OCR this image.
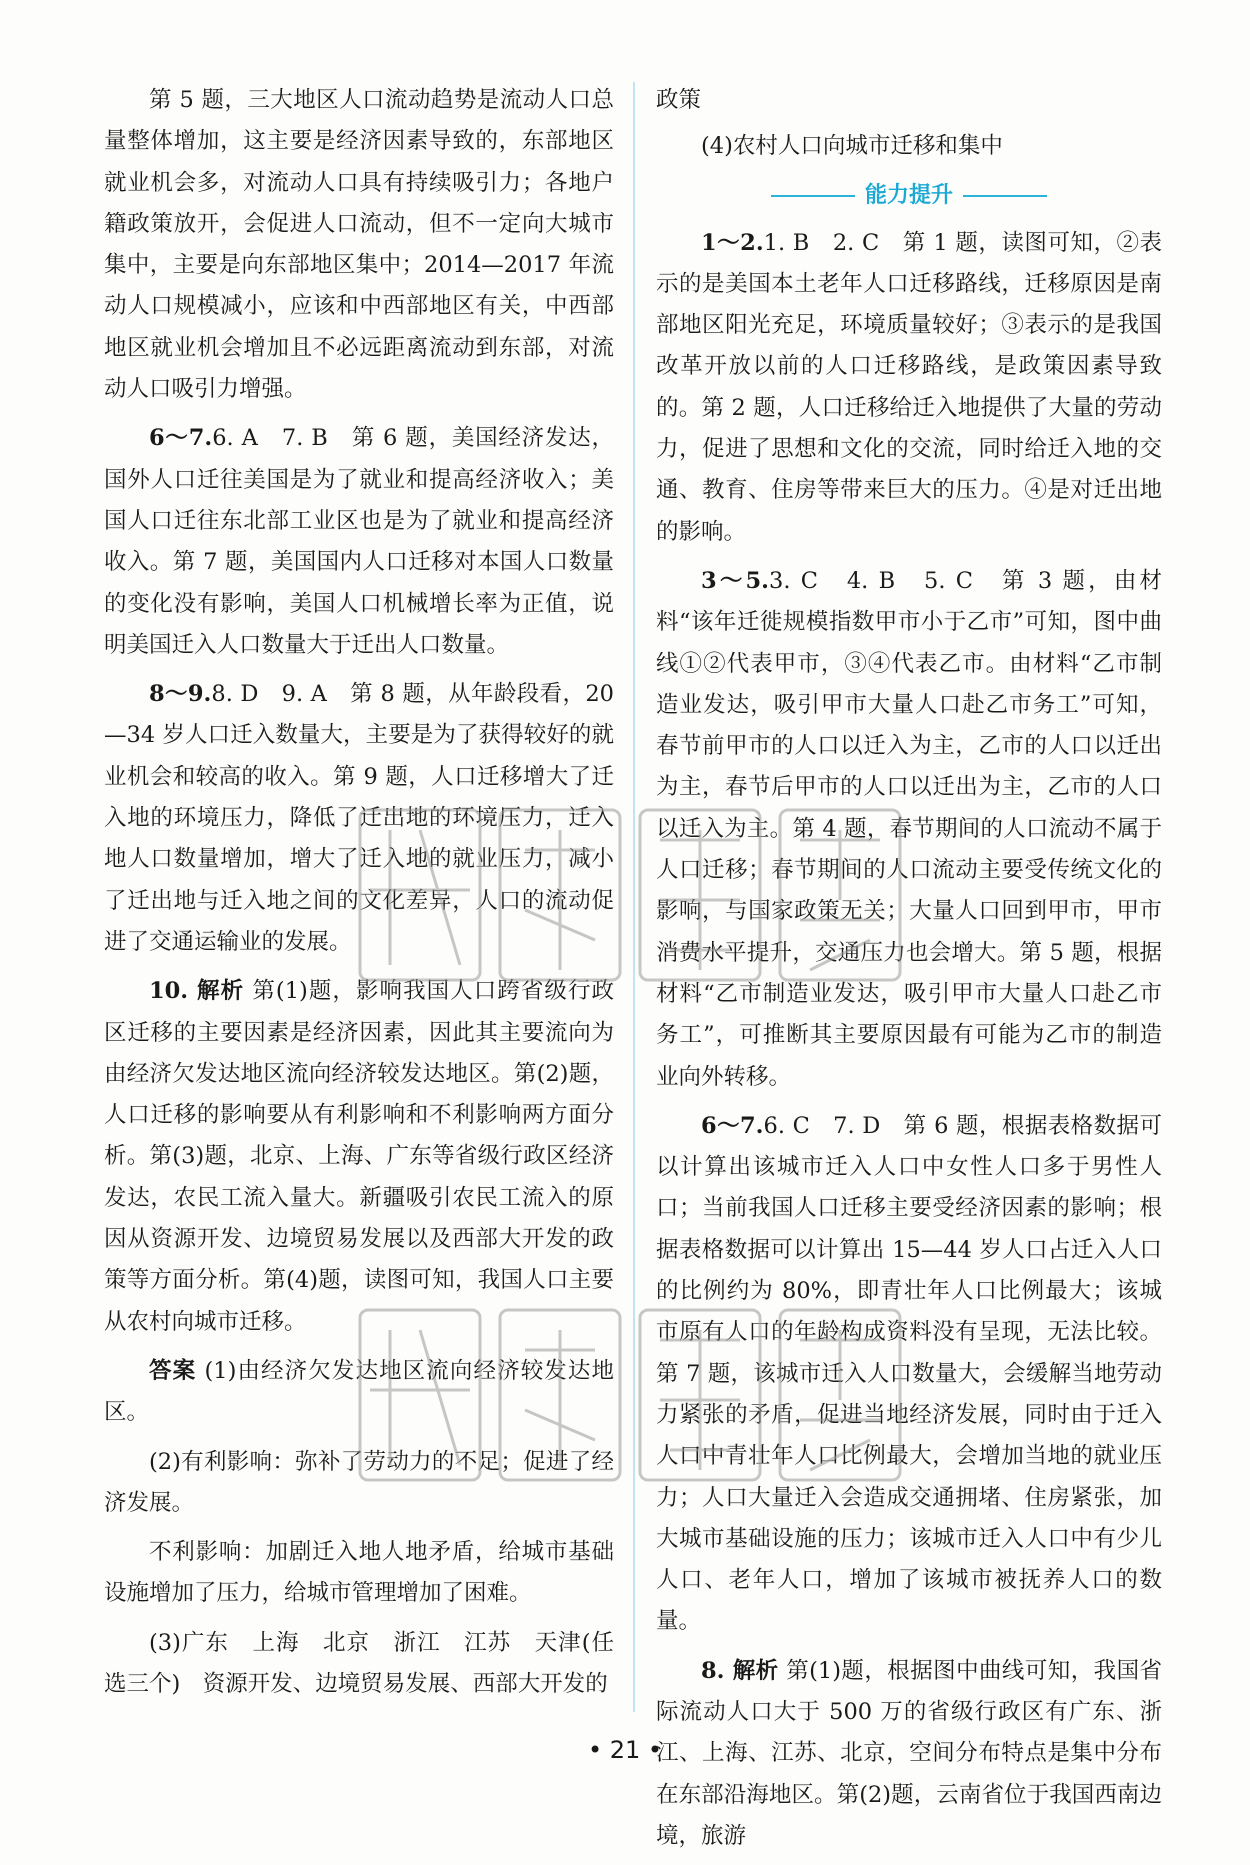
第 5 题，三大地区人口流动趋势是流动人口总量整体增加，这主要是经济因素导致的，东部地区就业机会多，对流动人口具有持续吸引力；各地户籍政策放开，会促进人口流动，但不一定向大城市集中，主要是向东部地区集中；2014—2017 年流动人口规模减小，应该和中西部地区有关，中西部地区就业机会增加且不必远距离流动到东部，对流动人口吸引力增强。

6～7.6. A　7. B　第 6 题，美国经济发达，国外人口迁往美国是为了就业和提高经济收入；美国人口迁往东北部工业区也是为了就业和提高经济收入。第 7 题，美国国内人口迁移对本国人口数量的变化没有影响，美国人口机械增长率为正值，说明美国迁入人口数量大于迁出人口数量。

8～9.8. D　9. A　第 8 题，从年龄段看，20—34 岁人口迁入数量大，主要是为了获得较好的就业机会和较高的收入。第 9 题，人口迁移增大了迁入地的环境压力，降低了迁出地的环境压力，迁入地人口数量增加，增大了迁入地的就业压力，减小了迁出地与迁入地之间的文化差异，人口的流动促进了交通运输业的发展。

10. 解析 第(1)题，影响我国人口跨省级行政区迁移的主要因素是经济因素，因此其主要流向为由经济欠发达地区流向经济较发达地区。第(2)题，人口迁移的影响要从有利影响和不利影响两方面分析。第(3)题，北京、上海、广东等省级行政区经济发达，农民工流入量大。新疆吸引农民工流入的原因从资源开发、边境贸易发展以及西部大开发的政策等方面分析。第(4)题，读图可知，我国人口主要从农村向城市迁移。

答案 (1)由经济欠发达地区流向经济较发达地区。

(2)有利影响：弥补了劳动力的不足；促进了经济发展。

不利影响：加剧迁入地人地矛盾，给城市基础设施增加了压力，给城市管理增加了困难。

(3)广东　上海　北京　浙江　江苏　天津(任选三个)　资源开发、边境贸易发展、西部大开发的

政策

(4)农村人口向城市迁移和集中

能力提升

1～2.1. B　2. C　第 1 题，读图可知，②表示的是美国本土老年人口迁移路线，迁移原因是南部地区阳光充足，环境质量较好；③表示的是我国改革开放以前的人口迁移路线，是政策因素导致的。第 2 题，人口迁移给迁入地提供了大量的劳动力，促进了思想和文化的交流，同时给迁入地的交通、教育、住房等带来巨大的压力。④是对迁出地的影响。

3～5.3. C　4. B　5. C　第 3 题，由材料“该年迁徙规模指数甲市小于乙市”可知，图中曲线①②代表甲市，③④代表乙市。由材料“乙市制造业发达，吸引甲市大量人口赴乙市务工”可知，春节前甲市的人口以迁入为主，乙市的人口以迁出为主，春节后甲市的人口以迁出为主，乙市的人口以迁入为主。第 4 题，春节期间的人口流动不属于人口迁移；春节期间的人口流动主要受传统文化的影响，与国家政策无关；大量人口回到甲市，甲市消费水平提升，交通压力也会增大。第 5 题，根据材料“乙市制造业发达，吸引甲市大量人口赴乙市务工”，可推断其主要原因最有可能为乙市的制造业向外转移。

6～7.6. C　7. D　第 6 题，根据表格数据可以计算出该城市迁入人口中女性人口多于男性人口；当前我国人口迁移主要受经济因素的影响；根据表格数据可以计算出 15—44 岁人口占迁入人口的比例约为 80%，即青壮年人口比例最大；该城市原有人口的年龄构成资料没有呈现，无法比较。第 7 题，该城市迁入人口数量大，会缓解当地劳动力紧张的矛盾，促进当地经济发展，同时由于迁入人口中青壮年人口比例最大，会增加当地的就业压力；人口大量迁入会造成交通拥堵、住房紧张，加大城市基础设施的压力；该城市迁入人口中有少儿人口、老年人口，增加了该城市被抚养人口的数量。

8. 解析 第(1)题，根据图中曲线可知，我国省际流动人口大于 500 万的省级行政区有广东、浙江、上海、江苏、北京，空间分布特点是集中分布在东部沿海地区。第(2)题，云南省位于我国西南边境，旅游

• 21 •
